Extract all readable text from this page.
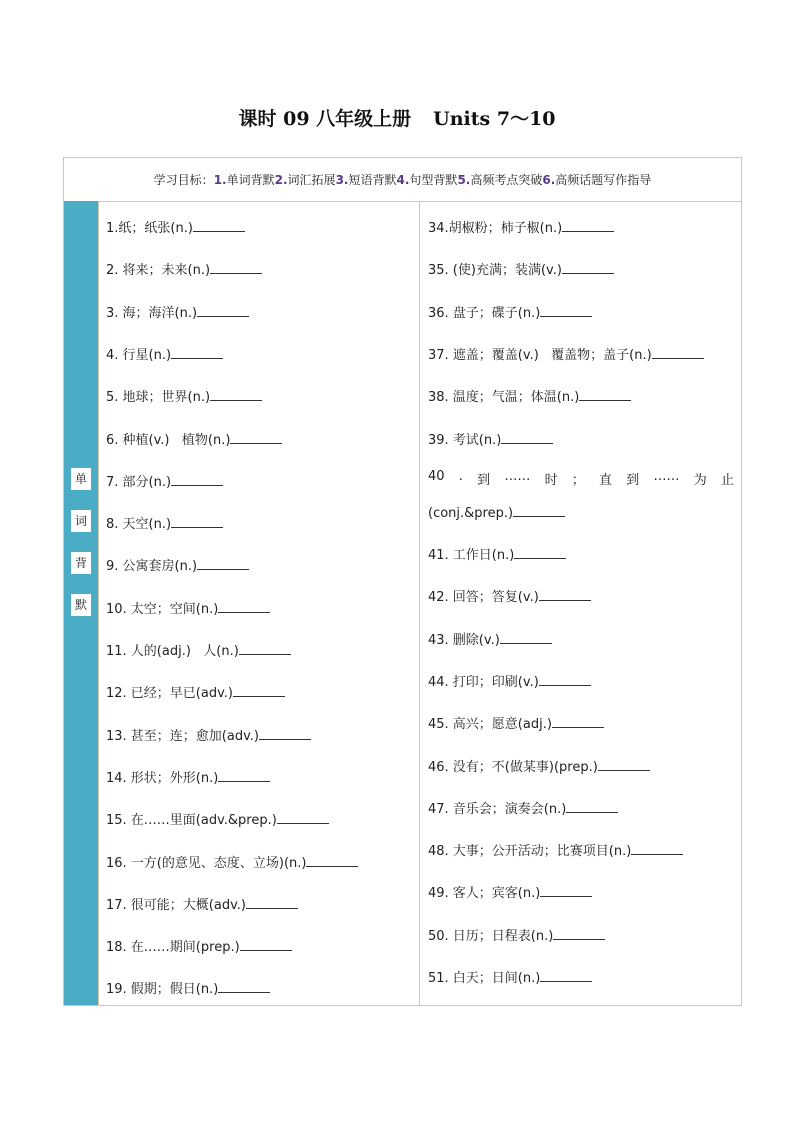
课时 09 八年级上册 Units 7～10
学习目标： 1. 单词背默 2. 词汇拓展 3. 短语背默 4. 句型背默 5. 高频考点突破 6. 高频话题写作指导
单
词
背
默
1.纸；纸张(n.)
2. 将来；未来(n.)
3. 海；海洋(n.)
4. 行星(n.)
5. 地球；世界(n.)
6. 种植(v.)   植物(n.)
7. 部分(n.)
8. 天空(n.)
9. 公寓套房(n.)
10. 太空；空间(n.)
11. 人的(adj.)   人(n.)
12. 已经；早已(adv.)
13. 甚至；连；愈加(adv.)
14. 形状；外形(n.)
15. 在……里面(adv.&prep.)
16. 一方(的意见、态度、立场)(n.)
17. 很可能；大概(adv.)
18. 在……期间(prep.)
19. 假期；假日(n.)
40 . 到 …… 时 ； 直 到 …… 为 止
(conj.&prep.)
34.胡椒粉；柿子椒(n.)
35. (使)充满；装满(v.)
36. 盘子；碟子(n.)
37. 遮盖；覆盖(v.)   覆盖物；盖子(n.)
38. 温度；气温；体温(n.)
39. 考试(n.)
41. 工作日(n.)
42. 回答；答复(v.)
43. 删除(v.)
44. 打印；印刷(v.)
45. 高兴；愿意(adj.)
46. 没有；不(做某事)(prep.)
47. 音乐会；演奏会(n.)
48. 大事；公开活动；比赛项目(n.)
49. 客人；宾客(n.)
50. 日历；日程表(n.)
51. 白天；日间(n.)
